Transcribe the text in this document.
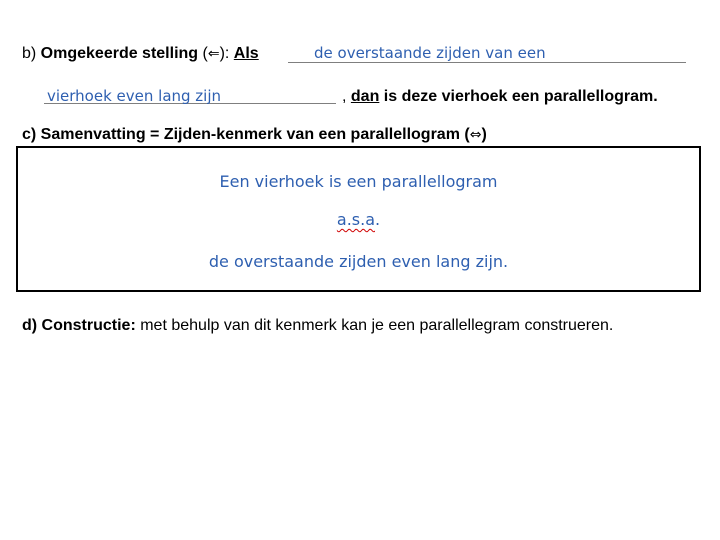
b) Omgekeerde stelling (⇐): Als	de overstaande zijden van een
vierhoek even lang zijn	, dan is deze vierhoek een parallellogram.
c) Samenvatting = Zijden-kenmerk van een parallellogram (⇔)
Een vierhoek is een parallellogram
a.s.a.
de overstaande zijden even lang zijn.
d) Constructie: met behulp van dit kenmerk kan je een parallellegram construeren.
